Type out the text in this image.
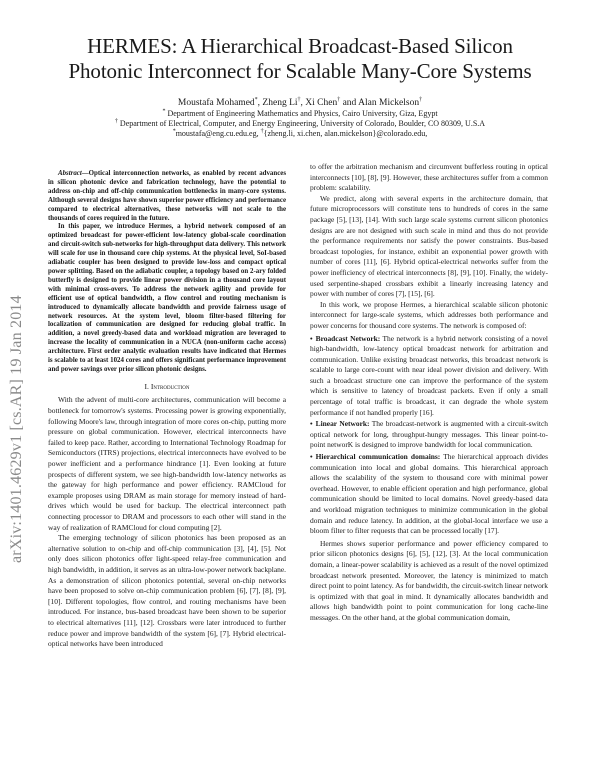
arXiv:1401.4629v1 [cs.AR] 19 Jan 2014
HERMES: A Hierarchical Broadcast-Based Silicon Photonic Interconnect for Scalable Many-Core Systems
Moustafa Mohamed*, Zheng Li†, Xi Chen† and Alan Mickelson†
* Department of Engineering Mathematics and Physics, Cairo University, Giza, Egypt
† Department of Electrical, Computer, and Energy Engineering, University of Colorado, Boulder, CO 80309, U.S.A
*moustafa@eng.cu.edu.eg, †{zheng.li, xi.chen, alan.mickelson}@colorado.edu,

Abstract—Optical interconnection networks, as enabled by recent advances in silicon photonic device and fabrication technology, have the potential to address on-chip and off-chip communication bottlenecks in many-core systems. Although several designs have shown superior power efficiency and performance compared to electrical alternatives, these networks will not scale to the thousands of cores required in the future.

In this paper, we introduce Hermes, a hybrid network composed of an optimized broadcast for power-efficient low-latency global-scale coordination and circuit-switch sub-networks for high-throughput data delivery. This network will scale for use in thousand core chip systems. At the physical level, SoI-based adiabatic coupler has been designed to provide low-loss and compact optical power splitting. Based on the adiabatic coupler, a topology based on 2-ary folded butterfly is designed to provide linear power division in a thousand core layout with minimal cross-overs. To address the network agility and provide for efficient use of optical bandwidth, a flow control and routing mechanism is introduced to dynamically allocate bandwidth and provide fairness usage of network resources. At the system level, bloom filter-based filtering for localization of communication are designed for reducing global traffic. In addition, a novel greedy-based data and workload migration are leveraged to increase the locality of communication in a NUCA (non-uniform cache access) architecture. First order analytic evaluation results have indicated that Hermes is scalable to at least 1024 cores and offers significant performance improvement and power savings over prior silicon photonic designs.

I. Introduction

With the advent of multi-core architectures, communication will become a bottleneck for tomorrow's systems. Processing power is growing exponentially, following Moore's law, through integration of more cores on-chip, putting more pressure on global communication. However, electrical interconnects have failed to keep pace. Rather, according to International Technology Roadmap for Semiconductors (ITRS) projections, electrical interconnects have evolved to be power inefficient and a performance hindrance [1]. Even looking at future prospects of different system, we see high-bandwidth low-latency networks as the gateway for high performance and power efficiency. RAMCloud for example proposes using DRAM as main storage for memory instead of hard-drives which would be used for backup. The electrical interconnect path connecting processor to DRAM and processors to each other will stand in the way of realization of RAMCloud for cloud computing [2].

The emerging technology of silicon photonics has been proposed as an alternative solution to on-chip and off-chip communication [3], [4], [5]. Not only does silicon photonics offer light-speed relay-free communication and high bandwidth, in addition, it serves as an ultra-low-power network backplane. As a demonstration of silicon photonics potential, several on-chip networks have been proposed to solve on-chip communication problem [6], [7], [8], [9], [10]. Different topologies, flow control, and routing mechanisms have been introduced. For instance, bus-based broadcast have been shown to be superior to electrical alternatives [11], [12]. Crossbars were later introduced to further reduce power and improve bandwidth of the system [6], [7]. Hybrid electrical-optical networks have been introduced

to offer the arbitration mechanism and circumvent bufferless routing in optical interconnects [10], [8], [9]. However, these architectures suffer from a common problem: scalability.

We predict, along with several experts in the architecture domain, that future microprocessors will constitute tens to hundreds of cores in the same package [5], [13], [14]. With such large scale systems current silicon photonics designs are are not designed with such scale in mind and thus do not provide the performance requirements nor satisfy the power constraints. Bus-based broadcast topologies, for instance, exhibit an exponential power growth with number of cores [11], [6]. Hybrid optical-electrical networks suffer from the power inefficiency of electrical interconnects [8], [9], [10]. Finally, the widely-used serpentine-shaped crossbars exhibit a linearly increasing latency and power with number of cores [7], [15], [6].

In this work, we propose Hermes, a hierarchical scalable silicon photonic interconnect for large-scale systems, which addresses both performance and power concerns for thousand core systems. The network is composed of:

• Broadcast Network: The network is a hybrid network consisting of a novel high-bandwidth, low-latency optical broadcast network for arbitration and communication. Unlike existing broadcast networks, this broadcast network is scalable to large core-count with near ideal power division and delivery. With such a broadcast structure one can improve the performance of the system which is sensitive to latency of broadcast packets. Even if only a small percentage of total traffic is broadcast, it can degrade the whole system performance if not handled properly [16].
• Linear Network: The broadcast-network is augmented with a circuit-switch optical network for long, throughput-hungry messages. This linear point-to-point networK is designed to improve bandwidth for local communication.
• Hierarchical communication domains: The hierarchical approach divides communication into local and global domains. This hierarchical approach allows the scalability of the system to thousand core with minimal power overhead. However, to enable efficient operation and high performance, global communication should be limited to local domains. Novel greedy-based data and workload migration techniques to minimize communication in the global domain and reduce latency. In addition, at the global-local interface we use a bloom filter to filter requests that can be processed locally [17].

Hermes shows superior performance and power efficiency compared to prior silicon photonics designs [6], [5], [12], [3]. At the local communication domain, a linear-power scalability is achieved as a result of the novel optimized broadcast network presented. Moreover, the latency is minimized to match direct point to point latency. As for bandwidth, the circuit-switch linear network is optimized with that goal in mind. It dynamically allocates bandwidth and allows high bandwidth point to point communication for long cache-line messages. On the other hand, at the global communication domain,
